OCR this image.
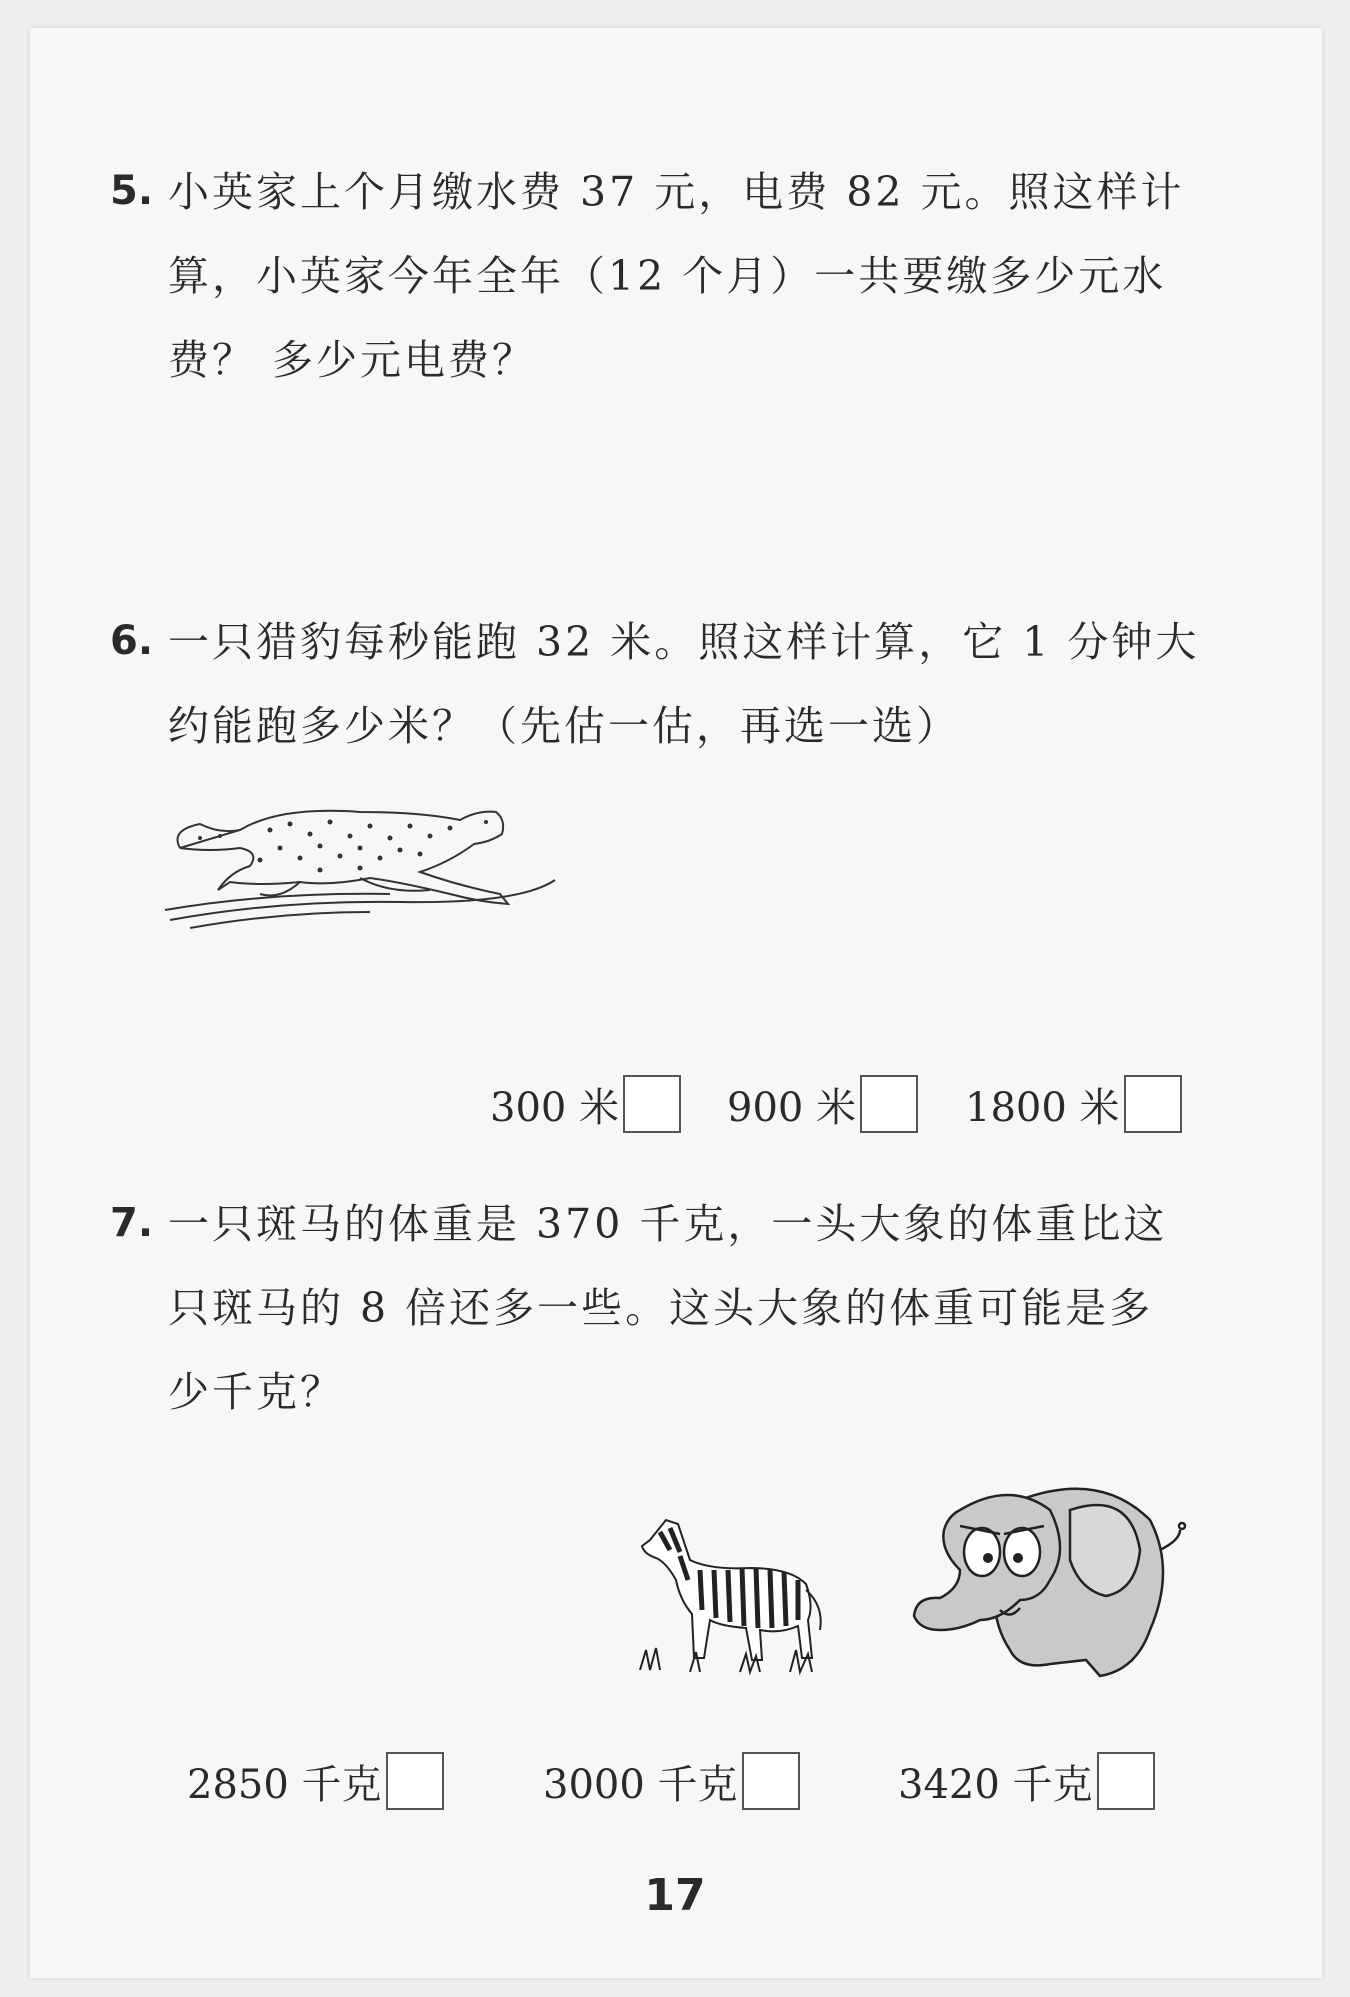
5. 小英家上个月缴水费 37 元，电费 82 元。照这样计
算，小英家今年全年（12 个月）一共要缴多少元水
费？ 多少元电费？
6. 一只猎豹每秒能跑 32 米。照这样计算，它 1 分钟大
约能跑多少米？（先估一估，再选一选）
300 米	900 米	1800 米
7. 一只斑马的体重是 370 千克，一头大象的体重比这
只斑马的 8 倍还多一些。这头大象的体重可能是多
少千克？
2850 千克	3000 千克	3420 千克
17
